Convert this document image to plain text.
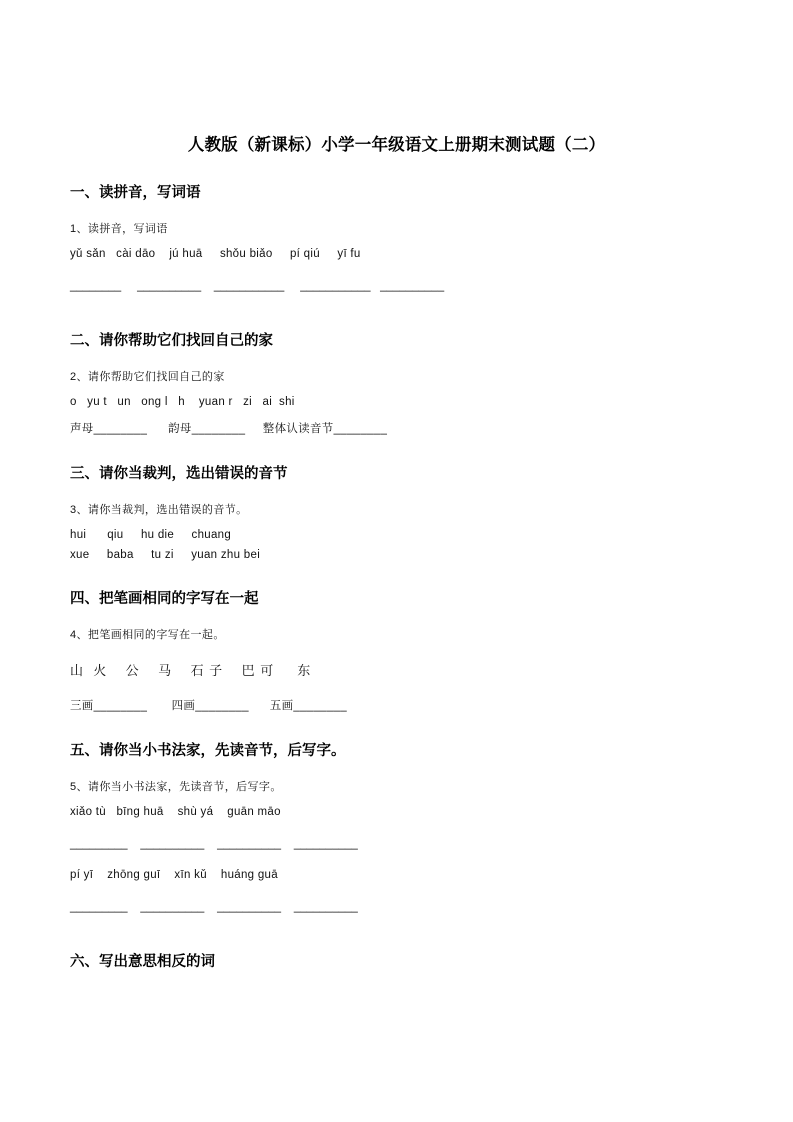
人教版（新课标）小学一年级语文上册期末测试题（二）

一、读拼音，写词语

1、读拼音，写词语

yǔ sǎn   cài dāo    jú huā     shǒu biǎo     pí qiú     yī fu

________     __________    ___________     ___________   __________

二、请你帮助它们找回自己的家

2、请你帮助它们找回自己的家

o   yu t   un   ong l   h    yuan r   zi   ai  shi

声母________      韵母________     整体认读音节________

三、请你当裁判，选出错误的音节

3、请你当裁判，选出错误的音节。

hui      qiu     hu die     chuang

xue     baba     tu zi     yuan zhu bei

四、把笔画相同的字写在一起

4、把笔画相同的字写在一起。

山  火    公    马    石 子    巴 可     东

三画________       四画________      五画________

五、请你当小书法家，先读音节，后写字。

5、请你当小书法家，先读音节，后写字。

xiǎo tù   bīng huā    shù yá    guān māo

_________    __________    __________    __________

pí yī    zhōng guī    xīn kǔ    huáng guā

_________    __________    __________    __________

六、写出意思相反的词
